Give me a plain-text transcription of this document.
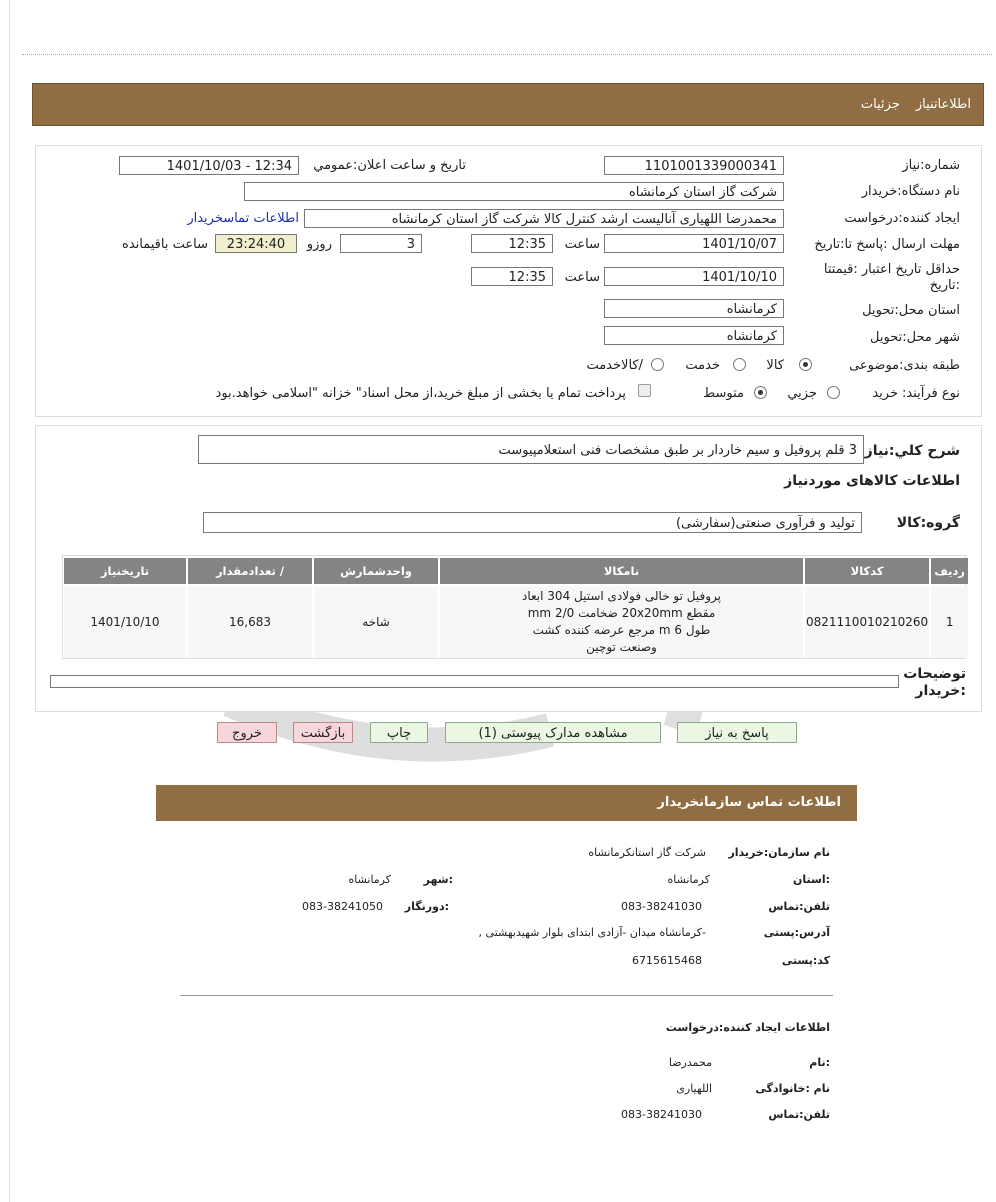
اطلاعاتنیازجزئیات
شماره:نیاز
1101001339000341
تاریخ و ساعت اعلان:عمومي
1401/10/03 - 12:34
نام دستگاه:خریدار
شرکت گاز استان کرمانشاه
ایجاد کننده:درخواست
محمدرضا اللهیاری آنالیست ارشد کنترل کالا شرکت گاز استان کرمانشاه
اطلاعات تماسخریدار
مهلت ارسال :پاسخ تا:تاریخ
1401/10/07
ساعت
12:35
3
روزو
23:24:40
ساعت باقیمانده
حداقل تاریخ اعتبار :قیمتتا
:تاریخ
1401/10/10
ساعت
12:35
استان محل:تحویل
کرمانشاه
شهر محل:تحویل
کرمانشاه
طبقه بندی:موضوعی
کالا
خدمت
/کالاخدمت
نوع فرآیند:
خرید
جزیي
متوسط
پرداخت تمام یا بخشی از مبلغ خرید،از محل اسناد" خزانه "اسلامی خواهد.بود
شرح کلي:نیاز
3 قلم پروفیل و سیم خاردار بر طبق مشخصات فنی استعلامپیوست
اطلاعات کالاهای موردنیاز
گروه:کالا
تولید و فرآوری صنعتی(سفارشی)
ردیف	کدکالا	نامکالا	واحدشمارش	/ تعدادمقدار	تاریخنیاز
1	0821110010210260	پروفیل تو خالی فولادی استیل 304 ابعاد مقطع 20x20mm ضخامت 2/0 mm طول 6 m مرجع عرضه کننده کشت وصنعت توچین	شاخه	16,683	1401/10/10
توضیحات
:خریدار
پاسخ به نیاز
مشاهده مدارک پیوستی (1)
چاپ
بازگشت
خروج
اطلاعات تماس سازمانخریدار
نام سازمان:خریدار
شرکت گاز استانکرمانشاه
:استان
کرمانشاه
:شهر
کرمانشاه
تلفن:تماس
083-38241030
:دورنگار
083-38241050
آدرس:پستی
-کرمانشاه میدان -آزادی ابتدای بلوار شهیدبهشتی ,
کد:پستی
6715615468
اطلاعات ایجاد کننده:درخواست
:نام
محمدرضا
نام :خانوادگی
اللهیاری
تلفن:تماس
083-38241030
